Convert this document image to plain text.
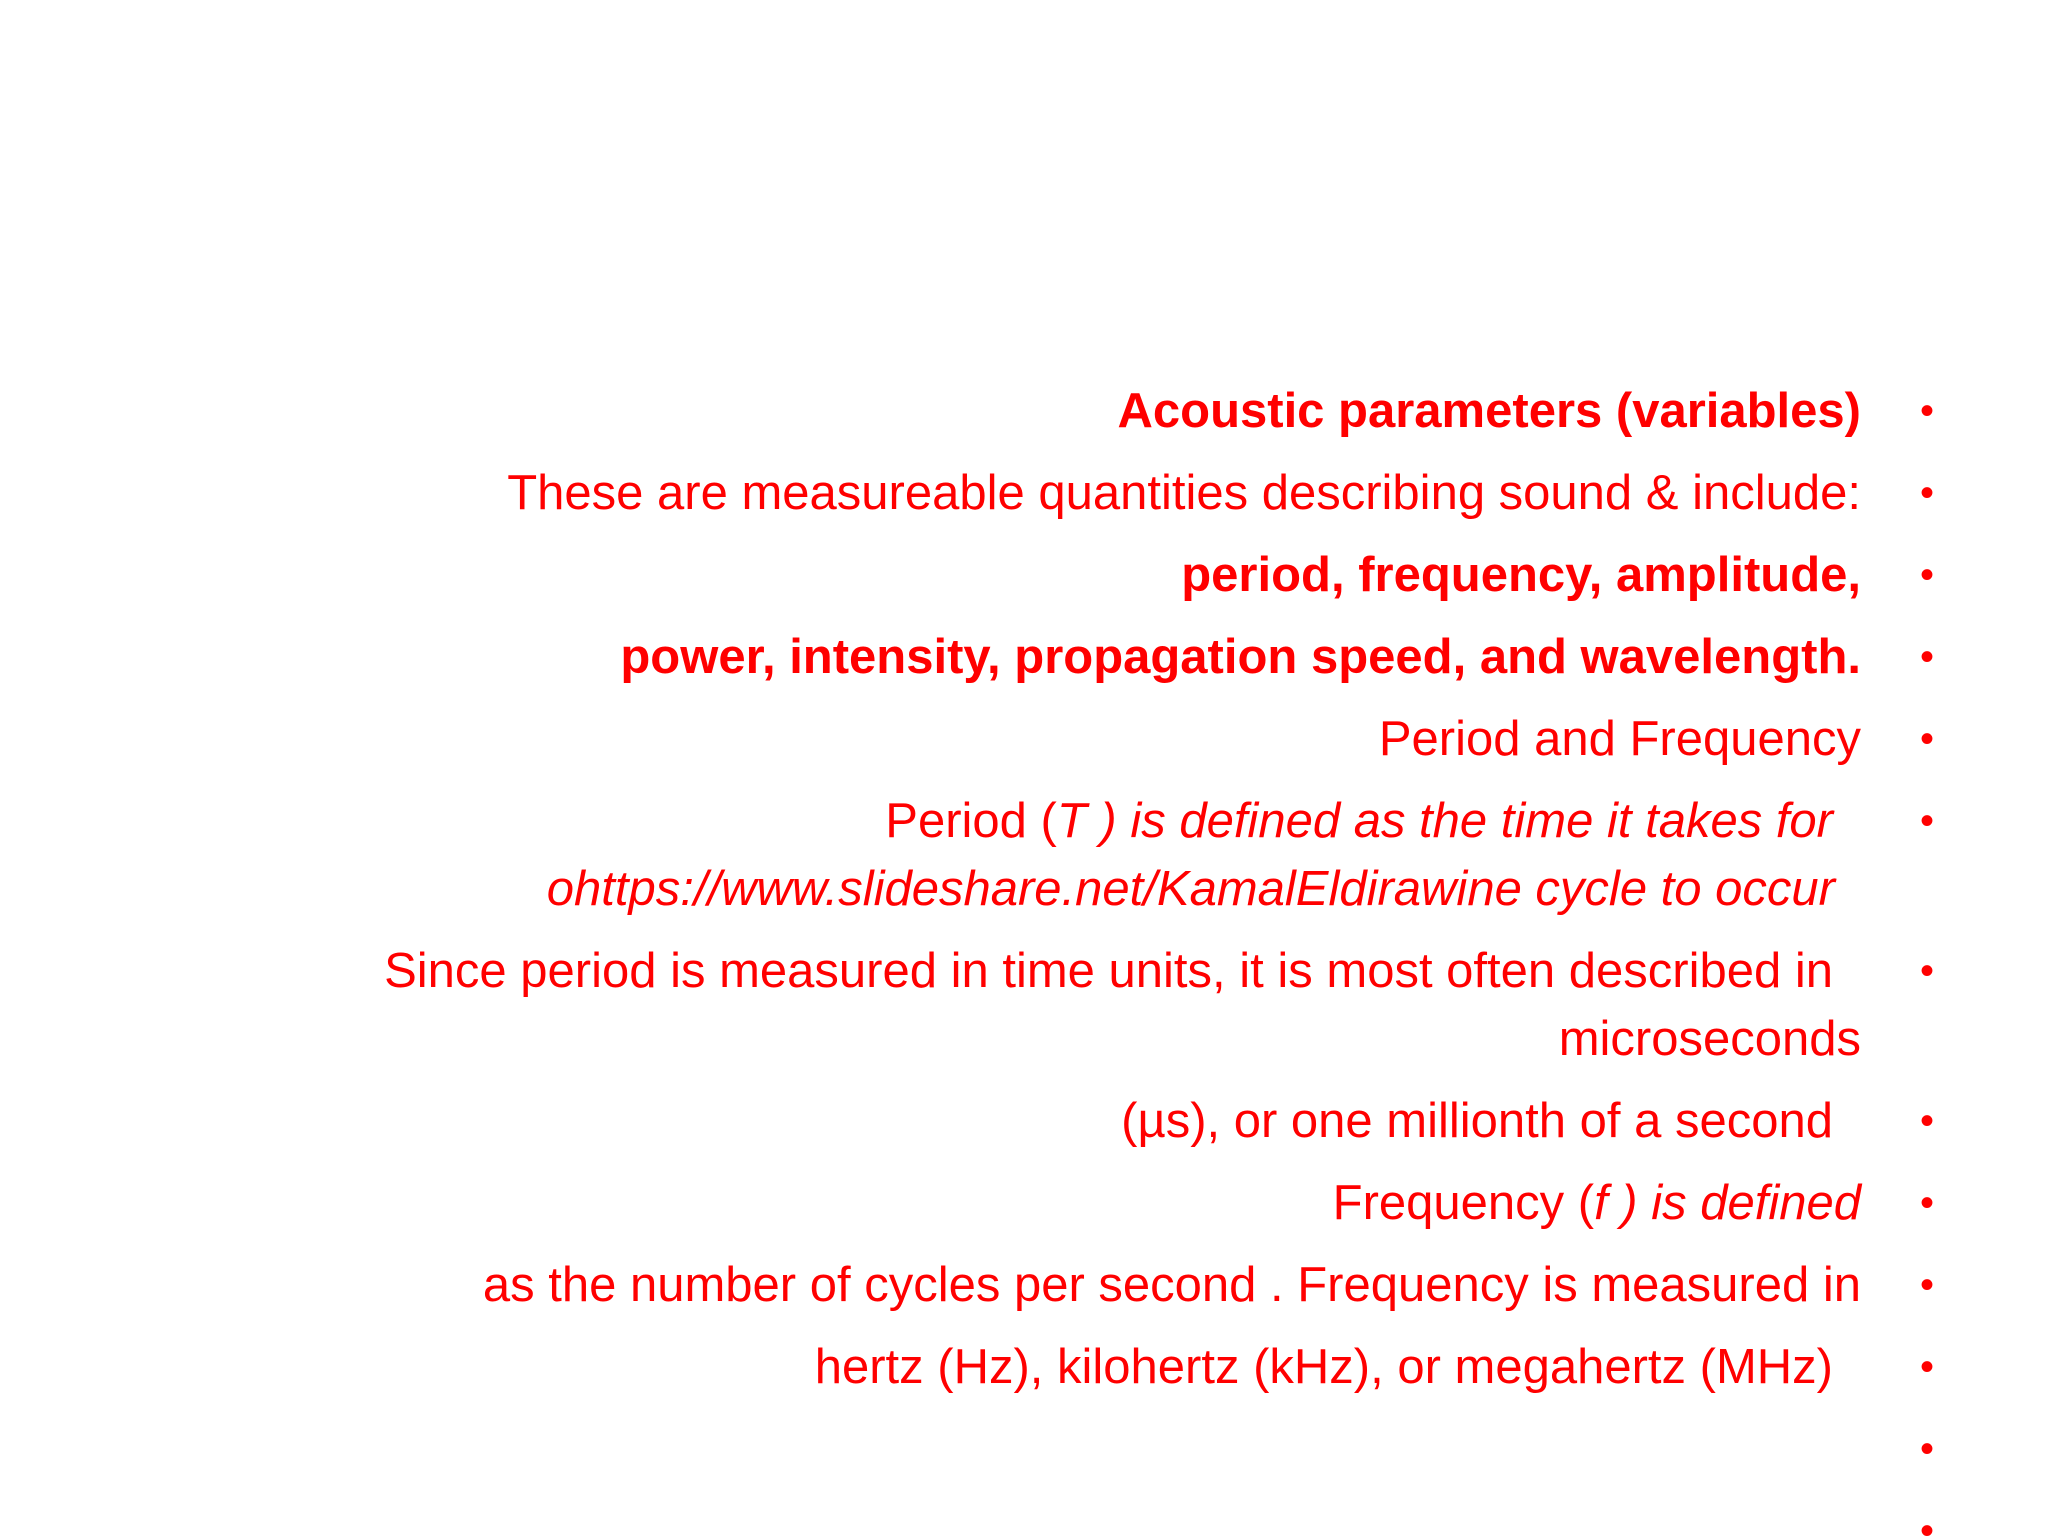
Acoustic parameters (variables) •
These are measureable quantities describing sound & include: •
period, frequency, amplitude, •
power, intensity, propagation speed, and wavelength. •
Period and Frequency •
Period (T ) is defined as the time it takes for •
ohttps://www.slideshare.net/KamalEldirawine cycle to occur
Since period is measured in time units, it is most often described in •
microseconds
(µs), or one millionth of a second •
Frequency (f ) is defined •
as the number of cycles per second . Frequency is measured in •
hertz (Hz), kilohertz (kHz), or megahertz (MHz) •
•
•
